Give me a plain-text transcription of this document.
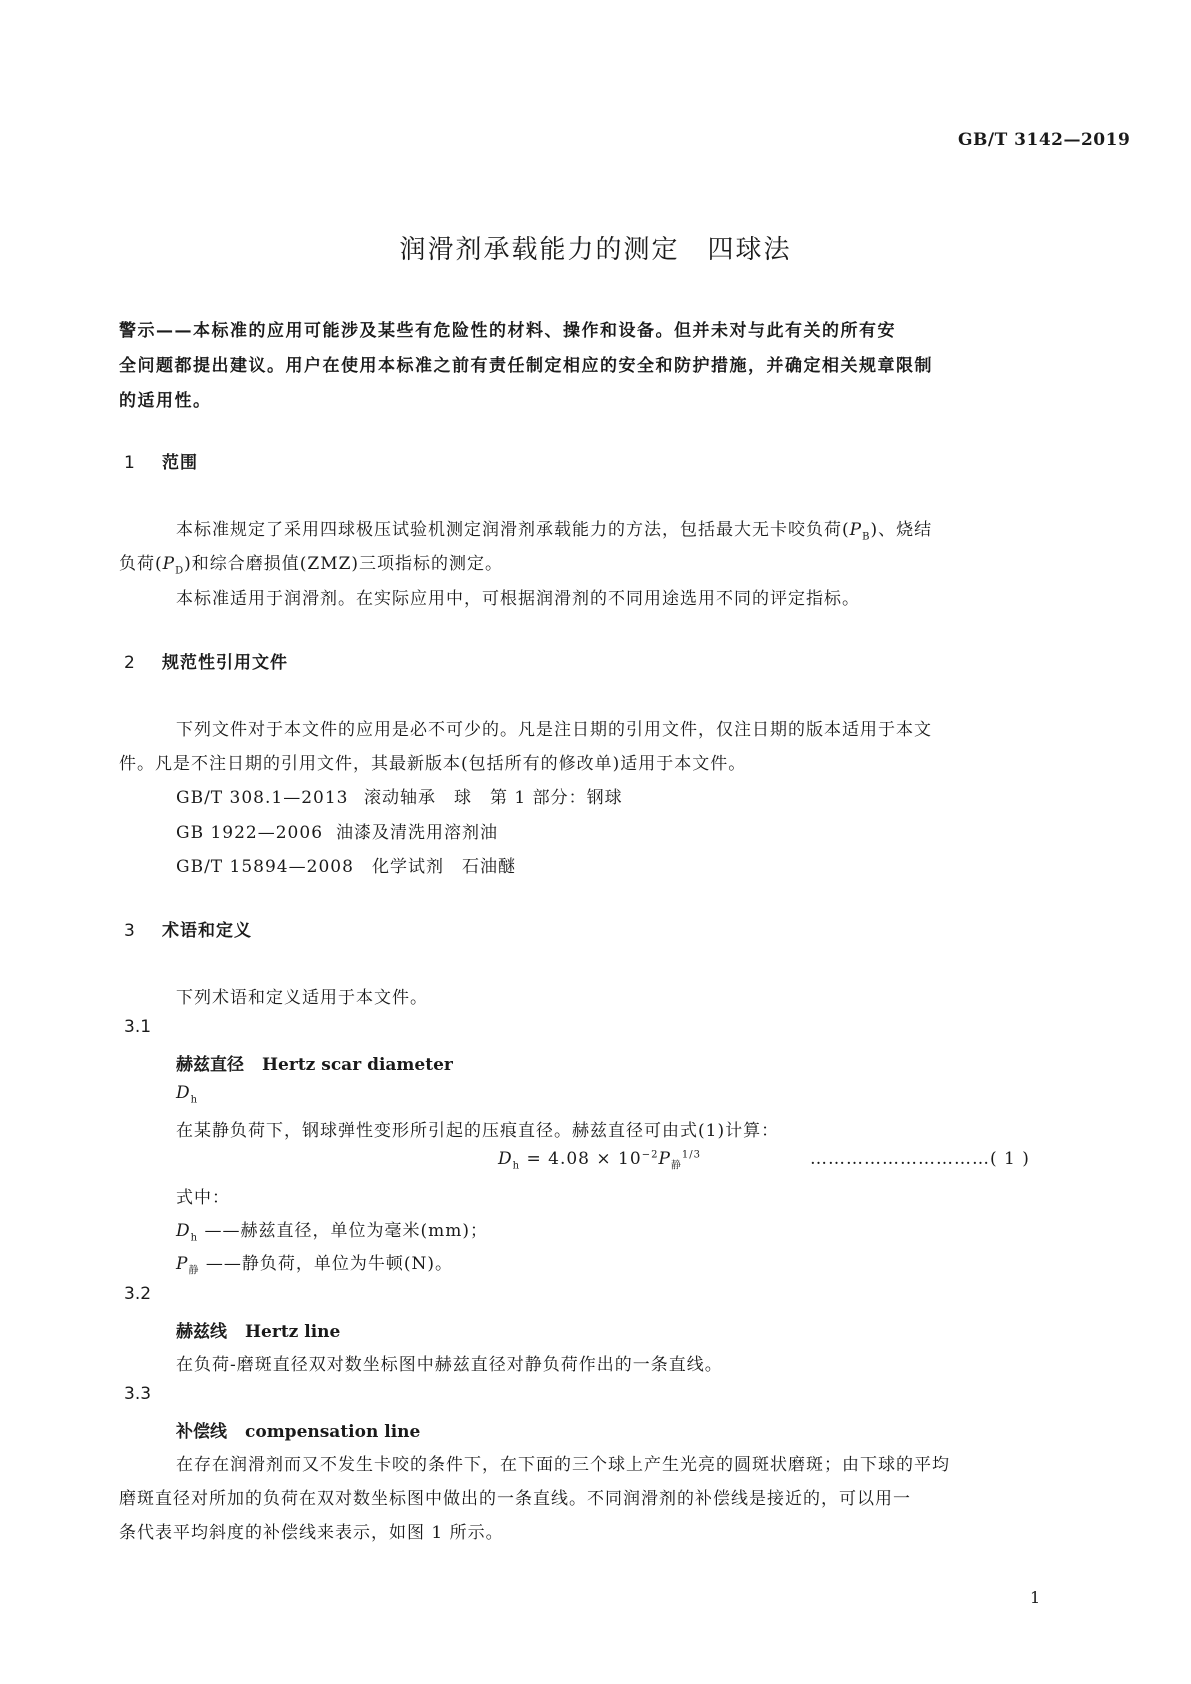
GB/T 3142—2019
润滑剂承载能力的测定 四球法
警示——本标准的应用可能涉及某些有危险性的材料、操作和设备。但并未对与此有关的所有安
全问题都提出建议。用户在使用本标准之前有责任制定相应的安全和防护措施，并确定相关规章限制
的适用性。
1 范围
本标准规定了采用四球极压试验机测定润滑剂承载能力的方法，包括最大无卡咬负荷$(P_B)$、烧结
负荷$(P_D)$和综合磨损值(ZMZ)三项指标的测定。
本标准适用于润滑剂。在实际应用中，可根据润滑剂的不同用途选用不同的评定指标。
2 规范性引用文件
下列文件对于本文件的应用是必不可少的。凡是注日期的引用文件，仅注日期的版本适用于本文
件。凡是不注日期的引用文件，其最新版本(包括所有的修改单)适用于本文件。
GB/T 308.1—2013 滚动轴承　球　第 1 部分：钢球
GB 1922—2006 油漆及清洗用溶剂油
GB/T 15894—2008 化学试剂　石油醚
3 术语和定义
下列术语和定义适用于本文件。
3.1
赫兹直径 Hertz scar diameter
$D_h$
在某静负荷下，钢球弹性变形所引起的压痕直径。赫兹直径可由式(1)计算：
$D_h = 4.08 \times 10^{-2}P_静^{1/3}$	…………………………( 1 )
式中：
$D_h$ ——赫兹直径，单位为毫米(mm)；
$P_静$ ——静负荷，单位为牛顿(N)。
3.2
赫兹线 Hertz line
在负荷-磨斑直径双对数坐标图中赫兹直径对静负荷作出的一条直线。
3.3
补偿线 compensation line
在存在润滑剂而又不发生卡咬的条件下，在下面的三个球上产生光亮的圆斑状磨斑；由下球的平均
磨斑直径对所加的负荷在双对数坐标图中做出的一条直线。不同润滑剂的补偿线是接近的，可以用一
条代表平均斜度的补偿线来表示，如图 1 所示。
1
